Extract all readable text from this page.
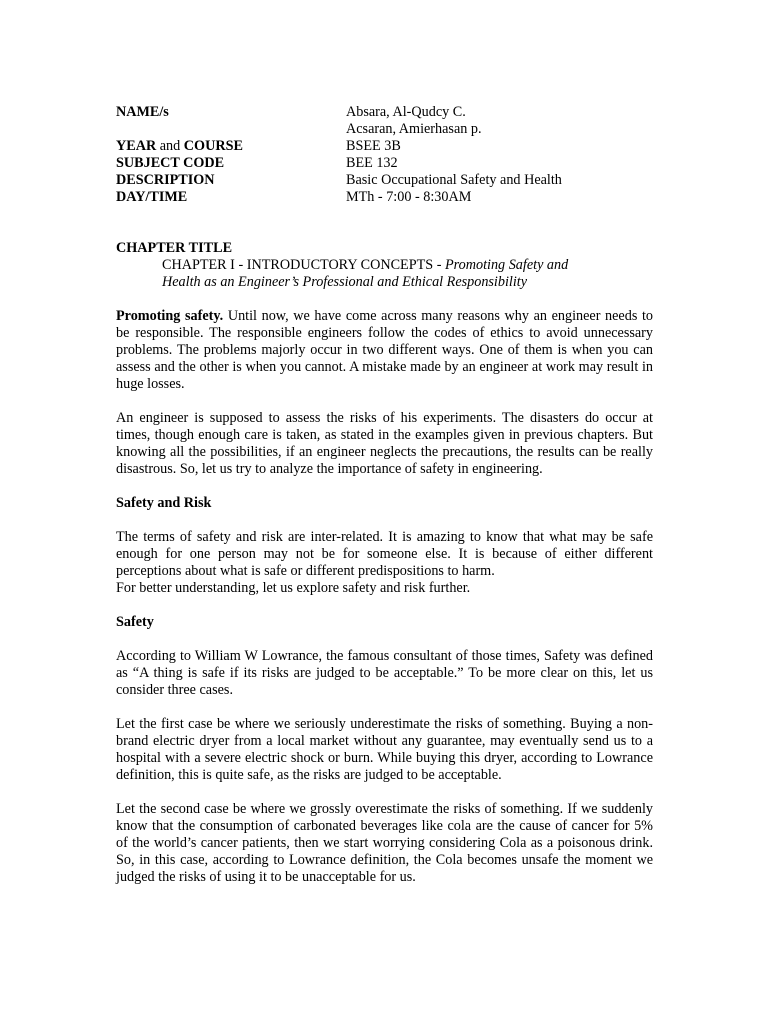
NAME/s	Absara, Al-Qudcy C.
	Acsaran, Amierhasan p.
YEAR and COURSE	BSEE 3B
SUBJECT CODE	BEE 132
DESCRIPTION	Basic Occupational Safety and Health
DAY/TIME	MTh - 7:00 - 8:30AM
CHAPTER TITLE
CHAPTER I - INTRODUCTORY CONCEPTS - Promoting Safety and
Health as an Engineer’s Professional and Ethical Responsibility

Promoting safety. Until now, we have come across many reasons why an engineer needs to be responsible. The responsible engineers follow the codes of ethics to avoid unnecessary problems. The problems majorly occur in two different ways. One of them is when you can assess and the other is when you cannot. A mistake made by an engineer at work may result in huge losses.

An engineer is supposed to assess the risks of his experiments. The disasters do occur at times, though enough care is taken, as stated in the examples given in previous chapters. But knowing all the possibilities, if an engineer neglects the precautions, the results can be really disastrous. So, let us try to analyze the importance of safety in engineering.

Safety and Risk

The terms of safety and risk are inter-related. It is amazing to know that what may be safe enough for one person may not be for someone else. It is because of either different perceptions about what is safe or different predispositions to harm.
For better understanding, let us explore safety and risk further.

Safety

According to William W Lowrance, the famous consultant of those times, Safety was defined as “A thing is safe if its risks are judged to be acceptable.” To be more clear on this, let us consider three cases.

Let the first case be where we seriously underestimate the risks of something. Buying a non-brand electric dryer from a local market without any guarantee, may eventually send us to a hospital with a severe electric shock or burn. While buying this dryer, according to Lowrance definition, this is quite safe, as the risks are judged to be acceptable.

Let the second case be where we grossly overestimate the risks of something. If we suddenly know that the consumption of carbonated beverages like cola are the cause of cancer for 5% of the world’s cancer patients, then we start worrying considering Cola as a poisonous drink. So, in this case, according to Lowrance definition, the Cola becomes unsafe the moment we judged the risks of using it to be unacceptable for us.
